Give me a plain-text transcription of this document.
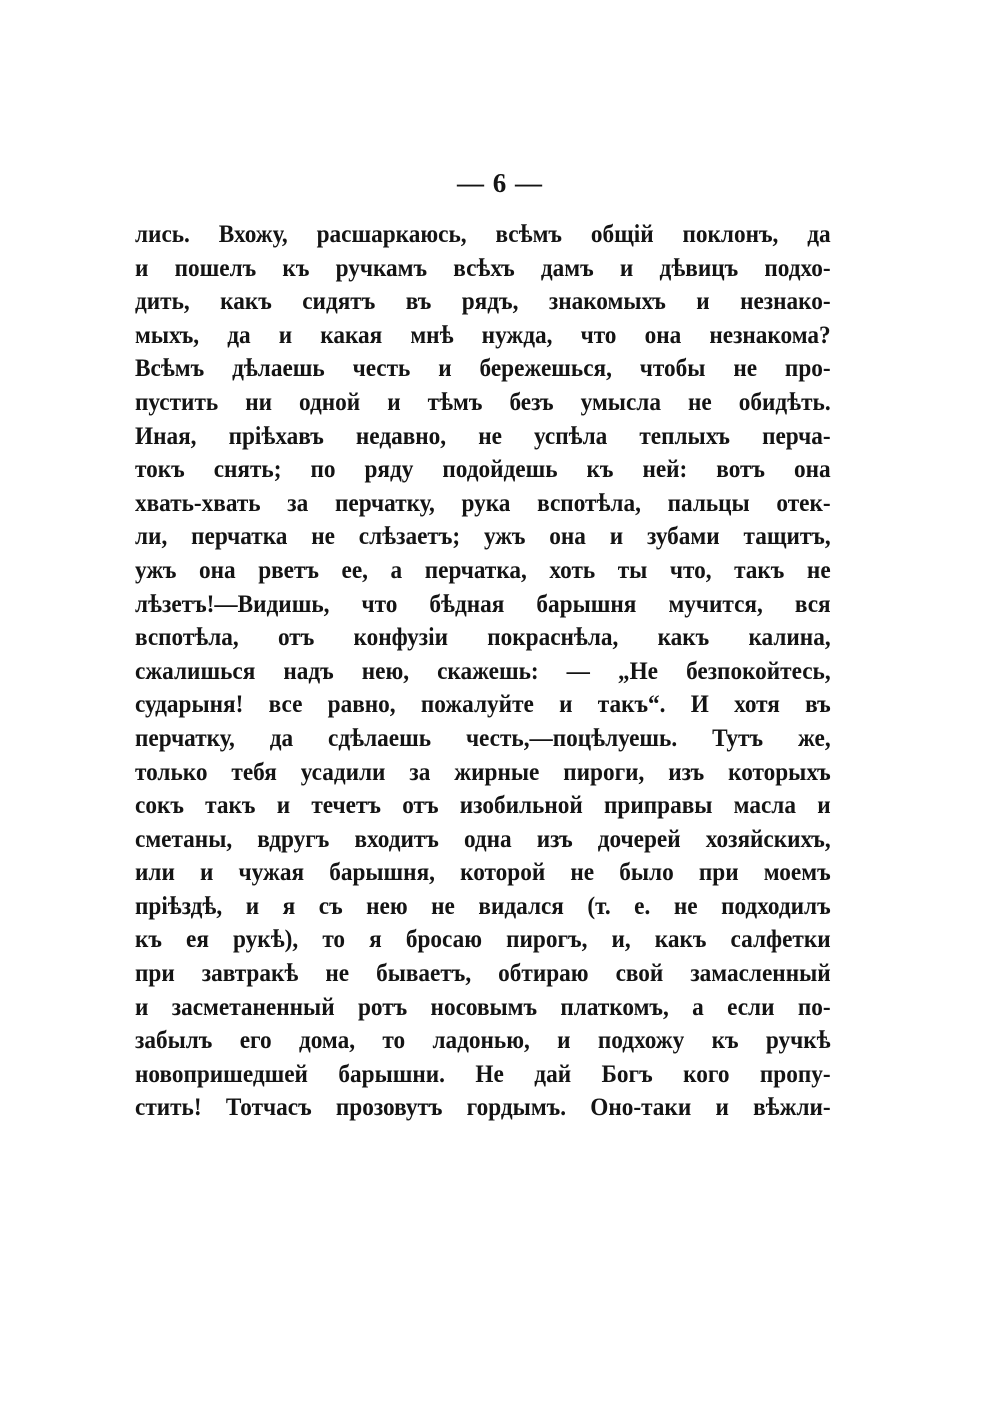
— 6 —
лись. Вхожу, расшаркаюсь, всѣмъ общій поклонъ, да
и пошелъ къ ручкамъ всѣхъ дамъ и дѣвицъ подхо-
дить, какъ сидятъ въ рядъ, знакомыхъ и незнако-
мыхъ, да и какая мнѣ нужда, что она незнакома?
Всѣмъ дѣлаешь честь и бережешься, чтобы не про-
пустить ни одной и тѣмъ безъ умысла не обидѣть.
Иная, пріѣхавъ недавно, не успѣла теплыхъ перча-
токъ снять; по ряду подойдешь къ ней: вотъ она
хвать-хвать за перчатку, рука вспотѣла, пальцы отек-
ли, перчатка не слѣзаетъ; ужъ она и зубами тащитъ,
ужъ она рветъ ее, а перчатка, хоть ты что, такъ не
лѣзетъ!—Видишь, что бѣдная барышня мучится, вся
вспотѣла, отъ конфузіи покраснѣла, какъ калина,
сжалишься надъ нею, скажешь: — „Не безпокойтесь,
сударыня! все равно, пожалуйте и такъ“. И хотя въ
перчатку, да сдѣлаешь честь,—поцѣлуешь. Тутъ же,
только тебя усадили за жирные пироги, изъ которыхъ
сокъ такъ и течетъ отъ изобильной приправы масла и
сметаны, вдругъ входитъ одна изъ дочерей хозяйскихъ,
или и чужая барышня, которой не было при моемъ
пріѣздѣ, и я съ нею не видался (т. е. не подходилъ
къ ея рукѣ), то я бросаю пирогъ, и, какъ салфетки
при завтракѣ не бываетъ, обтираю свой замасленный
и засметаненный ротъ носовымъ платкомъ, а если по-
забылъ его дома, то ладонью, и подхожу къ ручкѣ
новопришедшей барышни. Не дай Богъ кого пропу-
стить! Тотчасъ прозовутъ гордымъ. Оно-таки и вѣжли-
